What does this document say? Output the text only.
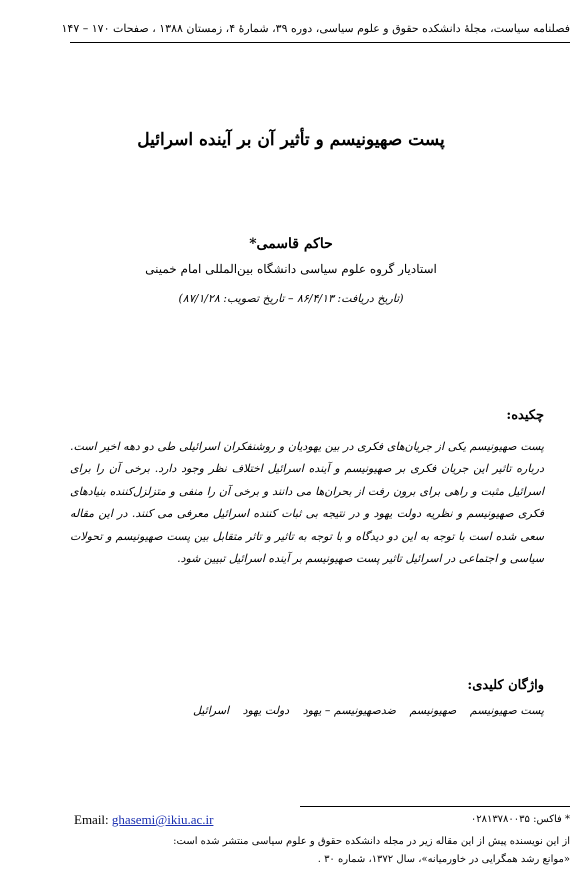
فصلنامه سیاست، مجلهٔ دانشکده حقوق و علوم سیاسی، دوره ۳۹، شمارهٔ ۴، زمستان ۱۳۸۸ ، صفحات ۱۷۰ – ۱۴۷
پست صهیونیسم و تأثیر آن بر آینده اسرائیل
حاکم قاسمی*
استادیار گروه علوم سیاسی دانشگاه بین‌المللی امام خمینی
(تاریخ دریافت: ۸۶/۴/۱۳ – تاریخ تصویب: ۸۷/۱/۲۸)
چکیده:
پست صهیونیسم یکی از جریان‌های فکری در بین یهودیان و روشنفکران اسرائیلی طی دو دهه اخیر است. درباره تاثیر این جریان فکری بر صهیونیسم و آینده اسرائیل اختلاف نظر وجود دارد. برخی آن را برای اسرائیل مثبت و راهی برای برون رفت از بحران‌ها می دانند و برخی آن را منفی و متزلزل‌کننده بنیادهای فکری صهیونیسم و نظریه دولت یهود و در نتیجه بی ثبات کننده اسرائیل معرفی می کنند. در این مقاله سعی شده است با توجه به این دو دیدگاه و با توجه به تاثیر و تاثر متقابل بین پست صهیونیسم و تحولات سیاسی و اجتماعی در اسرائیل تاثیر پست صهیونیسم بر آینده اسرائیل تبیین شود.
واژگان کلیدی:
پست صهیونیسم صهیونیسم ضدصهیونیسم – یهود دولت یهود اسرائیل
Email: ghasemi@ikiu.ac.ir	* فاکس: ۰۲۸۱۳۷۸۰۰۳۵
از این نویسنده پیش از این مقاله زیر در مجله دانشکده حقوق و علوم سیاسی منتشر شده است:
«موانع رشد همگرایی در خاورمیانه»، سال ۱۳۷۲، شماره ۳۰ .
